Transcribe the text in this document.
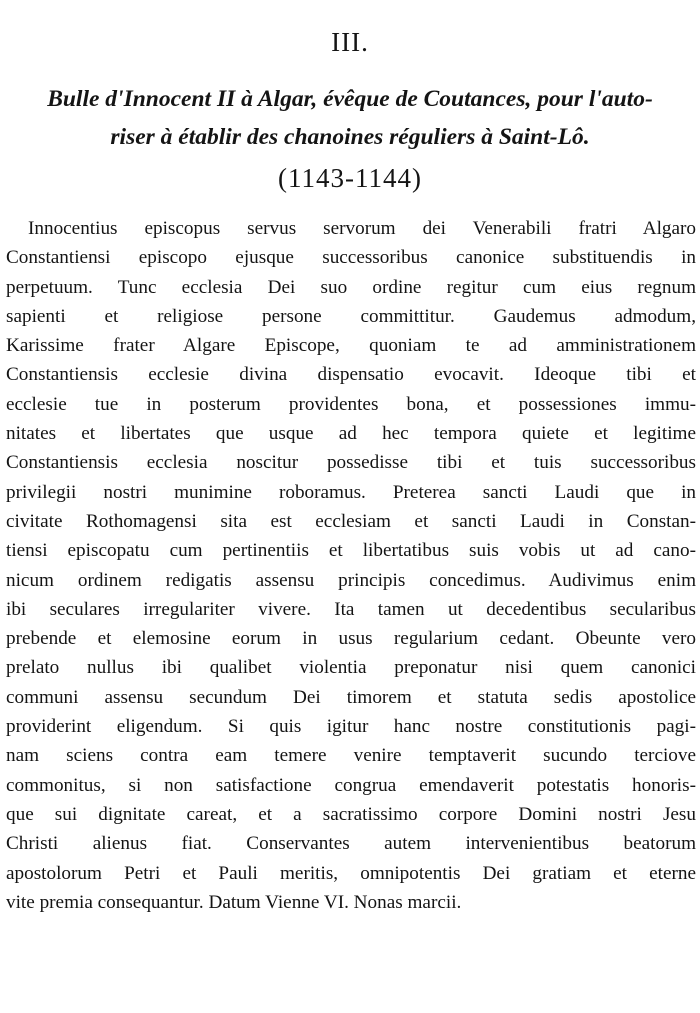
III.
Bulle d'Innocent II à Algar, évêque de Coutances, pour l'auto-
riser à établir des chanoines réguliers à Saint-Lô.
(1143-1144)
Innocentius episcopus servus servorum dei Venerabili fratri Algaro
Constantiensi episcopo ejusque successoribus canonice substituendis in
perpetuum. Tunc ecclesia Dei suo ordine regitur cum eius regnum
sapienti et religiose persone committitur. Gaudemus admodum,
Karissime frater Algare Episcope, quoniam te ad amministrationem
Constantiensis ecclesie divina dispensatio evocavit. Ideoque tibi et
ecclesie tue in posterum providentes bona, et possessiones immu-
nitates et libertates que usque ad hec tempora quiete et legitime
Constantiensis ecclesia noscitur possedisse tibi et tuis successoribus
privilegii nostri munimine roboramus. Preterea sancti Laudi que in
civitate Rothomagensi sita est ecclesiam et sancti Laudi in Constan-
tiensi episcopatu cum pertinentiis et libertatibus suis vobis ut ad cano-
nicum ordinem redigatis assensu principis concedimus. Audivimus enim
ibi seculares irregulariter vivere. Ita tamen ut decedentibus secularibus
prebende et elemosine eorum in usus regularium cedant. Obeunte vero
prelato nullus ibi qualibet violentia preponatur nisi quem canonici
communi assensu secundum Dei timorem et statuta sedis apostolice
providerint eligendum. Si quis igitur hanc nostre constitutionis pagi-
nam sciens contra eam temere venire temptaverit sucundo terciove
commonitus, si non satisfactione congrua emendaverit potestatis honoris-
que sui dignitate careat, et a sacratissimo corpore Domini nostri Jesu
Christi alienus fiat. Conservantes autem intervenientibus beatorum
apostolorum Petri et Pauli meritis, omnipotentis Dei gratiam et eterne
vite premia consequantur. Datum Vienne VI. Nonas marcii.
